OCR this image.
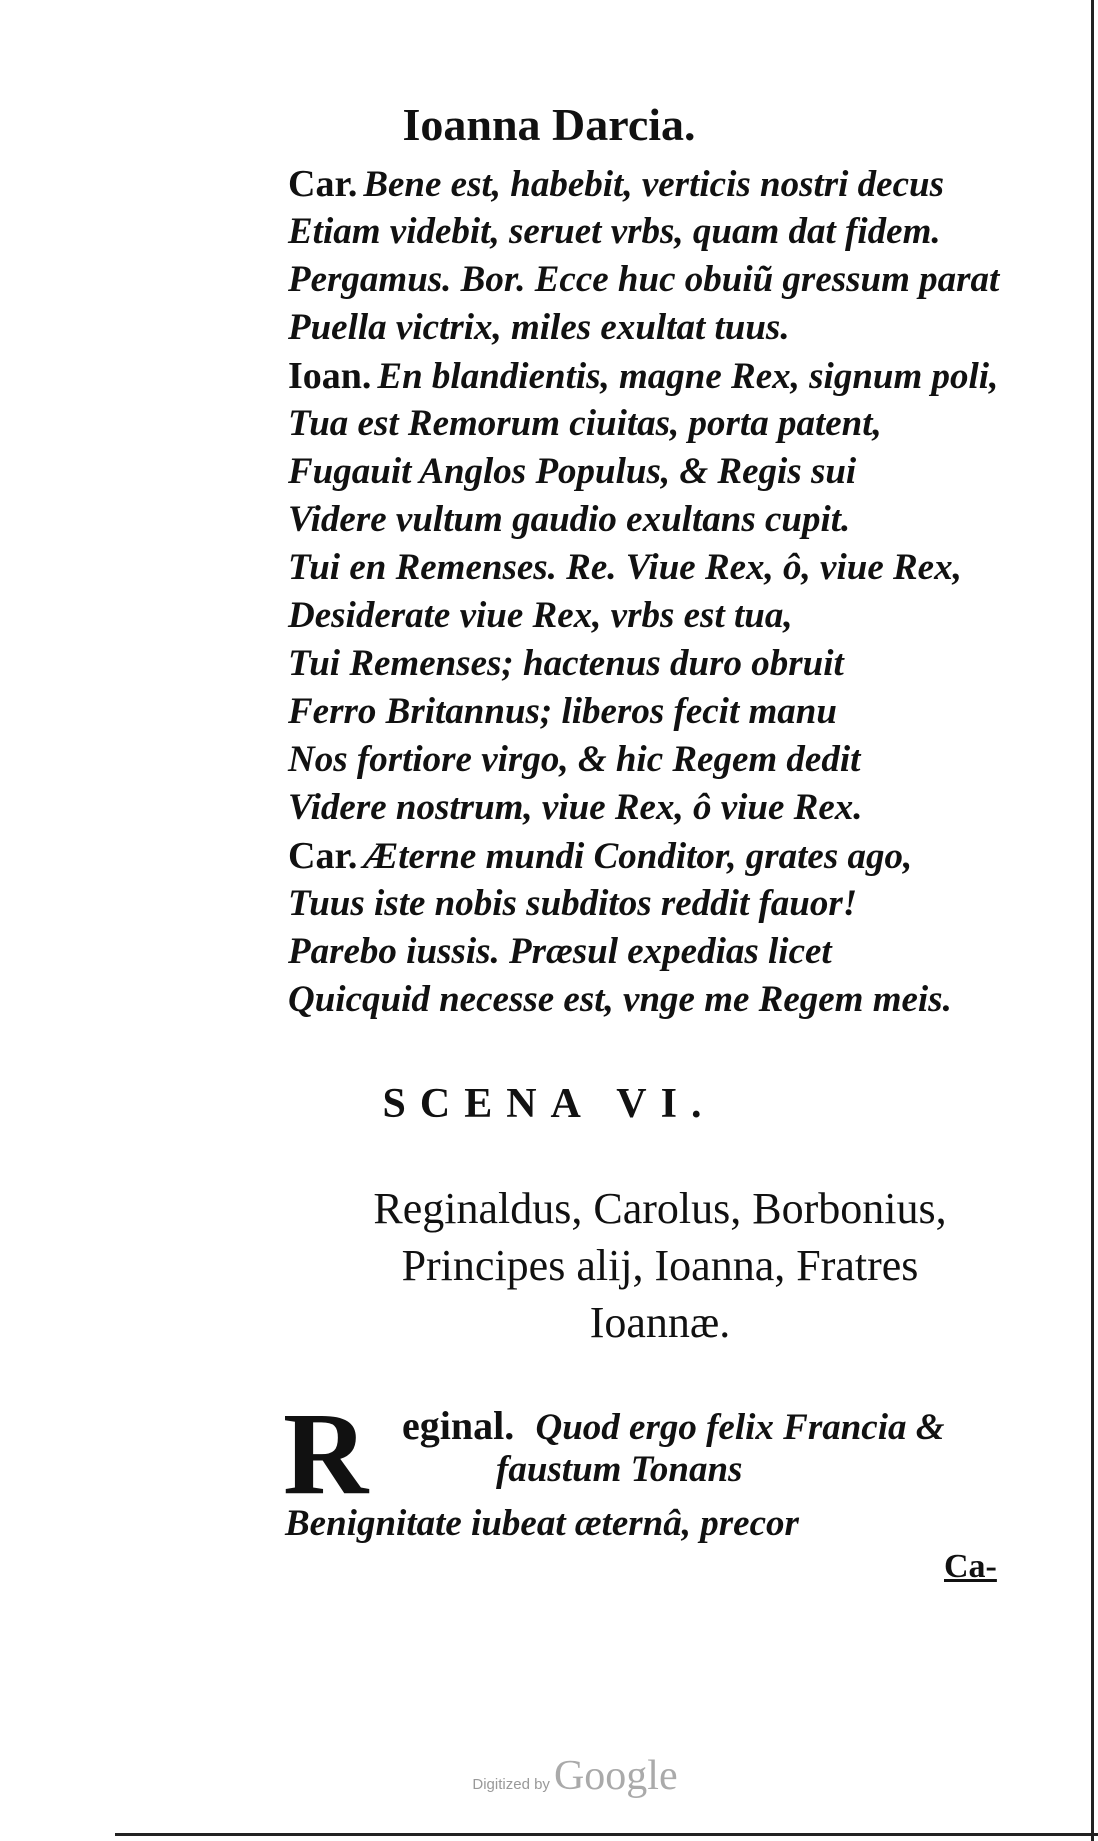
Ioanna Darcia.
Car. Bene est, habebit, verticis nostri decus
Etiam videbit, seruet vrbs, quam dat fidem.
Pergamus. Bor. Ecce huc obuiũ gressum parat
Puella victrix, miles exultat tuus.
Ioan. En blandientis, magne Rex, signum poli,
Tua est Remorum ciuitas, porta patent,
Fugauit Anglos Populus, & Regis sui
Videre vultum gaudio exultans cupit.
Tui en Remenses. Re. Viue Rex, ô, viue Rex,
Desiderate viue Rex, vrbs est tua,
Tui Remenses; hactenus duro obruit
Ferro Britannus; liberos fecit manu
Nos fortiore virgo, & hic Regem dedit
Videre nostrum, viue Rex, ô viue Rex.
Car. Æterne mundi Conditor, grates ago,
Tuus iste nobis subditos reddit fauor!
Parebo iussis. Præsul expedias licet
Quicquid necesse est, vnge me Regem meis.
SCENA VI.
Reginaldus, Carolus, Borbonius,
Principes alij, Ioanna, Fratres
Ioannæ.
R eginal. Quod ergo felix Francia &
faustum Tonans
Benignitate iubeat æternâ, precor
Ca-
Digitized by Google
